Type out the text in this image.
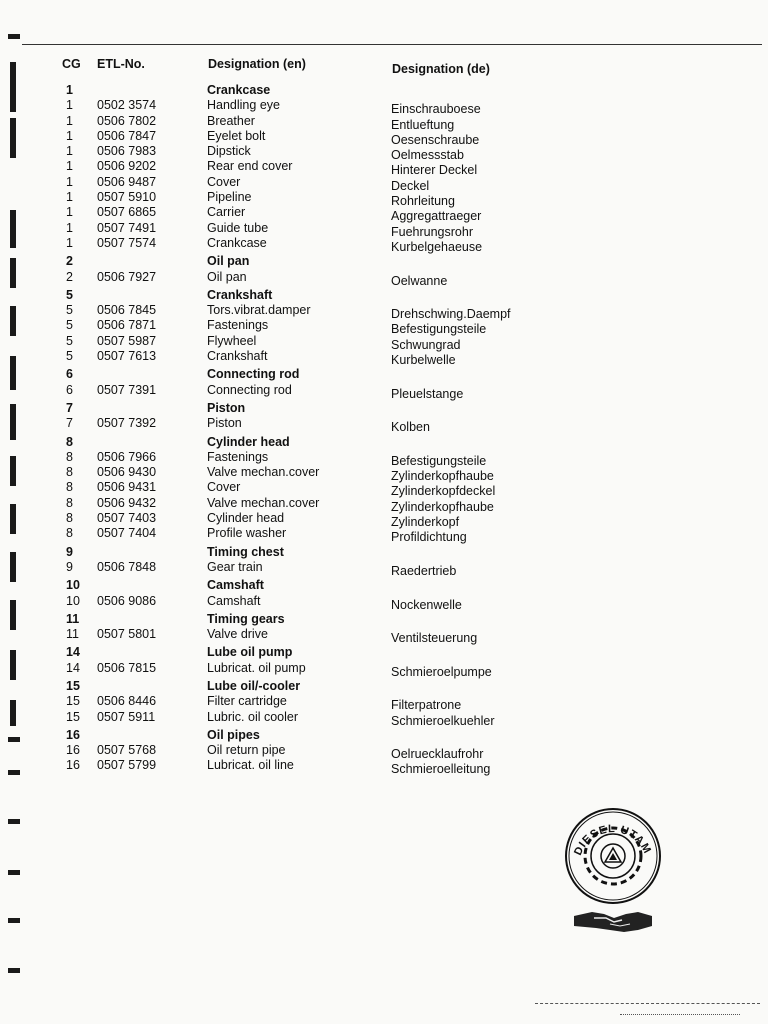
CG ETL-No.	Designation (en)	Designation (de)
1	Crankcase
1	0502 3574	Handling eye	Einschrauboese
1	0506 7802	Breather	Entlueftung
1	0506 7847	Eyelet bolt	Oesenschraube
1	0506 7983	Dipstick	Oelmessstab
1	0506 9202	Rear end cover	Hinterer Deckel
1	0506 9487	Cover	Deckel
1	0507 5910	Pipeline	Rohrleitung
1	0507 6865	Carrier	Aggregattraeger
1	0507 7491	Guide tube	Fuehrungsrohr
1	0507 7574	Crankcase	Kurbelgehaeuse
2	Oil pan
2	0506 7927	Oil pan	Oelwanne
5	Crankshaft
5	0506 7845	Tors.vibrat.damper	Drehschwing.Daempf
5	0506 7871	Fastenings	Befestigungsteile
5	0507 5987	Flywheel	Schwungrad
5	0507 7613	Crankshaft	Kurbelwelle
6	Connecting rod
6	0507 7391	Connecting rod	Pleuelstange
7	Piston
7	0507 7392	Piston	Kolben
8	Cylinder head
8	0506 7966	Fastenings	Befestigungsteile
8	0506 9430	Valve mechan.cover	Zylinderkopfhaube
8	0506 9431	Cover	Zylinderkopfdeckel
8	0506 9432	Valve mechan.cover	Zylinderkopfhaube
8	0507 7403	Cylinder head	Zylinderkopf
8	0507 7404	Profile washer	Profildichtung
9	Timing chest
9	0506 7848	Gear train	Raedertrieb
10	Camshaft
10	0506 9086	Camshaft	Nockenwelle
11	Timing gears
11	0507 5801	Valve drive	Ventilsteuerung
14	Lube oil pump
14	0506 7815	Lubricat. oil pump	Schmieroelpumpe
15	Lube oil/-cooler
15	0506 8446	Filter cartridge	Filterpatrone
15	0507 5911	Lubric. oil cooler	Schmieroelkuehler
16	Oil pipes
16	0507 5768	Oil return pipe	Oelruecklaufrohr
16	0507 5799	Lubricat. oil line	Schmieroelleitung
DIESEL UTAM
